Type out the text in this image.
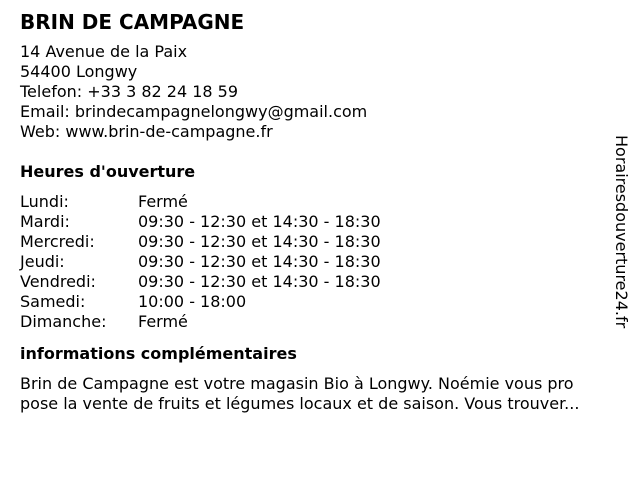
BRIN DE CAMPAGNE
14 Avenue de la Paix
54400 Longwy
Telefon: +33 3 82 24 18 59
Email: brindecampagnelongwy@gmail.com
Web: www.brin-de-campagne.fr
Heures d'ouverture
Lundi:	Fermé
Mardi:	09:30 - 12:30 et 14:30 - 18:30
Mercredi:	09:30 - 12:30 et 14:30 - 18:30
Jeudi:	09:30 - 12:30 et 14:30 - 18:30
Vendredi:	09:30 - 12:30 et 14:30 - 18:30
Samedi:	10:00 - 18:00
Dimanche:	Fermé
informations complémentaires
Brin de Campagne est votre magasin Bio à Longwy. Noémie vous pro
pose la vente de fruits et légumes locaux et de saison. Vous trouver...
Horairesdouverture24.fr
